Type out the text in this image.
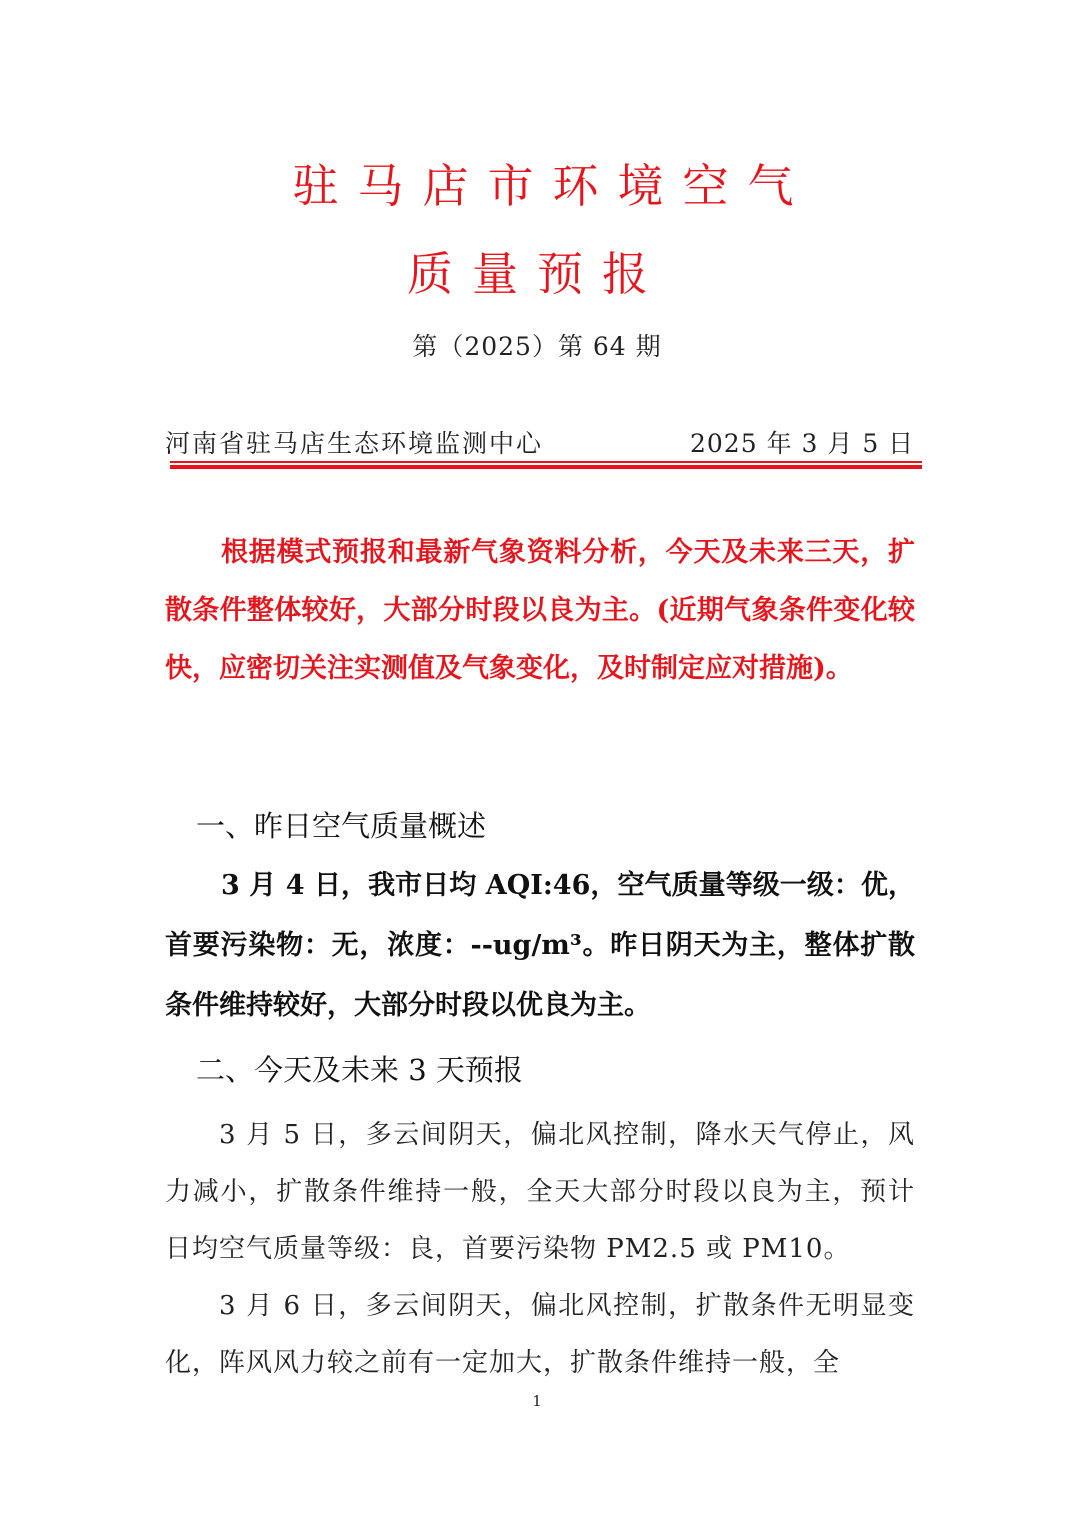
驻马店市环境空气
质量预报
第（2025）第 64 期
河南省驻马店生态环境监测中心	2025 年 3 月 5 日

根据模式预报和最新气象资料分析，今天及未来三天，扩散条件整体较好，大部分时段以良为主。(近期气象条件变化较快，应密切关注实测值及气象变化，及时制定应对措施)。

一、昨日空气质量概述

3 月 4 日，我市日均 AQI:46，空气质量等级一级：优，首要污染物：无，浓度：--ug/m³。昨日阴天为主，整体扩散条件维持较好，大部分时段以优良为主。

二、今天及未来 3 天预报

3 月 5 日，多云间阴天，偏北风控制，降水天气停止，风力减小，扩散条件维持一般，全天大部分时段以良为主，预计日均空气质量等级：良，首要污染物 PM2.5 或 PM10。

3 月 6 日，多云间阴天，偏北风控制，扩散条件无明显变化，阵风风力较之前有一定加大，扩散条件维持一般，全

1
